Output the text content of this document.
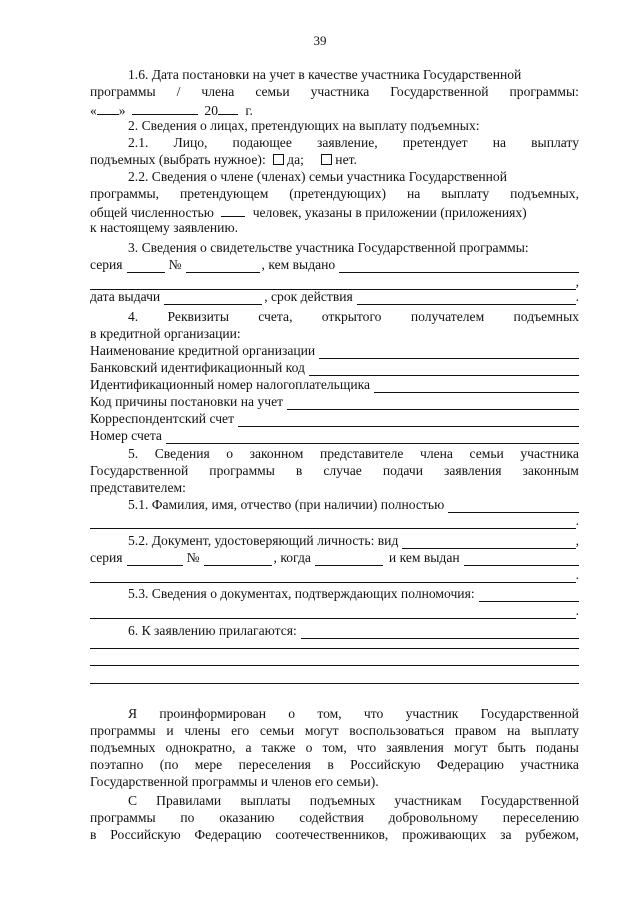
39
1.6. Дата постановки на учет в качестве участника Государственной
программы / члена семьи участника Государственной программы:
« »	20 г.
2. Сведения о лицах, претендующих на выплату подъемных:
2.1. Лицо, подающее заявление, претендует на выплату
подъемных (выбрать нужное): да; нет.
2.2. Сведения о члене (членах) семьи участника Государственной
программы, претендующем (претендующих) на выплату подъемных,
общей численностью	человек, указаны в приложении (приложениях)
к настоящему заявлению.
3. Сведения о свидетельстве участника Государственной программы:
серия	№	, кем выдано
,
дата выдачи	, срок действия	.
4. Реквизиты счета, открытого получателем подъемных
в кредитной организации:
Наименование кредитной организации
Банковский идентификационный код
Идентификационный номер налогоплательщика
Код причины постановки на учет
Корреспондентский счет
Номер счета
5. Сведения о законном представителе члена семьи участника
Государственной программы в случае подачи заявления законным
представителем:
5.1. Фамилия, имя, отчество (при наличии) полностью
.
5.2. Документ, удостоверяющий личность: вид	,
серия	№	, когда	и кем выдан
.
5.3. Сведения о документах, подтверждающих полномочия:
.
6. К заявлению прилагаются:
Я проинформирован о том, что участник Государственной
программы и члены его семьи могут воспользоваться правом на выплату
подъемных однократно, а также о том, что заявления могут быть поданы
поэтапно (по мере переселения в Российскую Федерацию участника
Государственной программы и членов его семьи).
С Правилами выплаты подъемных участникам Государственной
программы по оказанию содействия добровольному переселению
в Российскую Федерацию соотечественников, проживающих за рубежом,
